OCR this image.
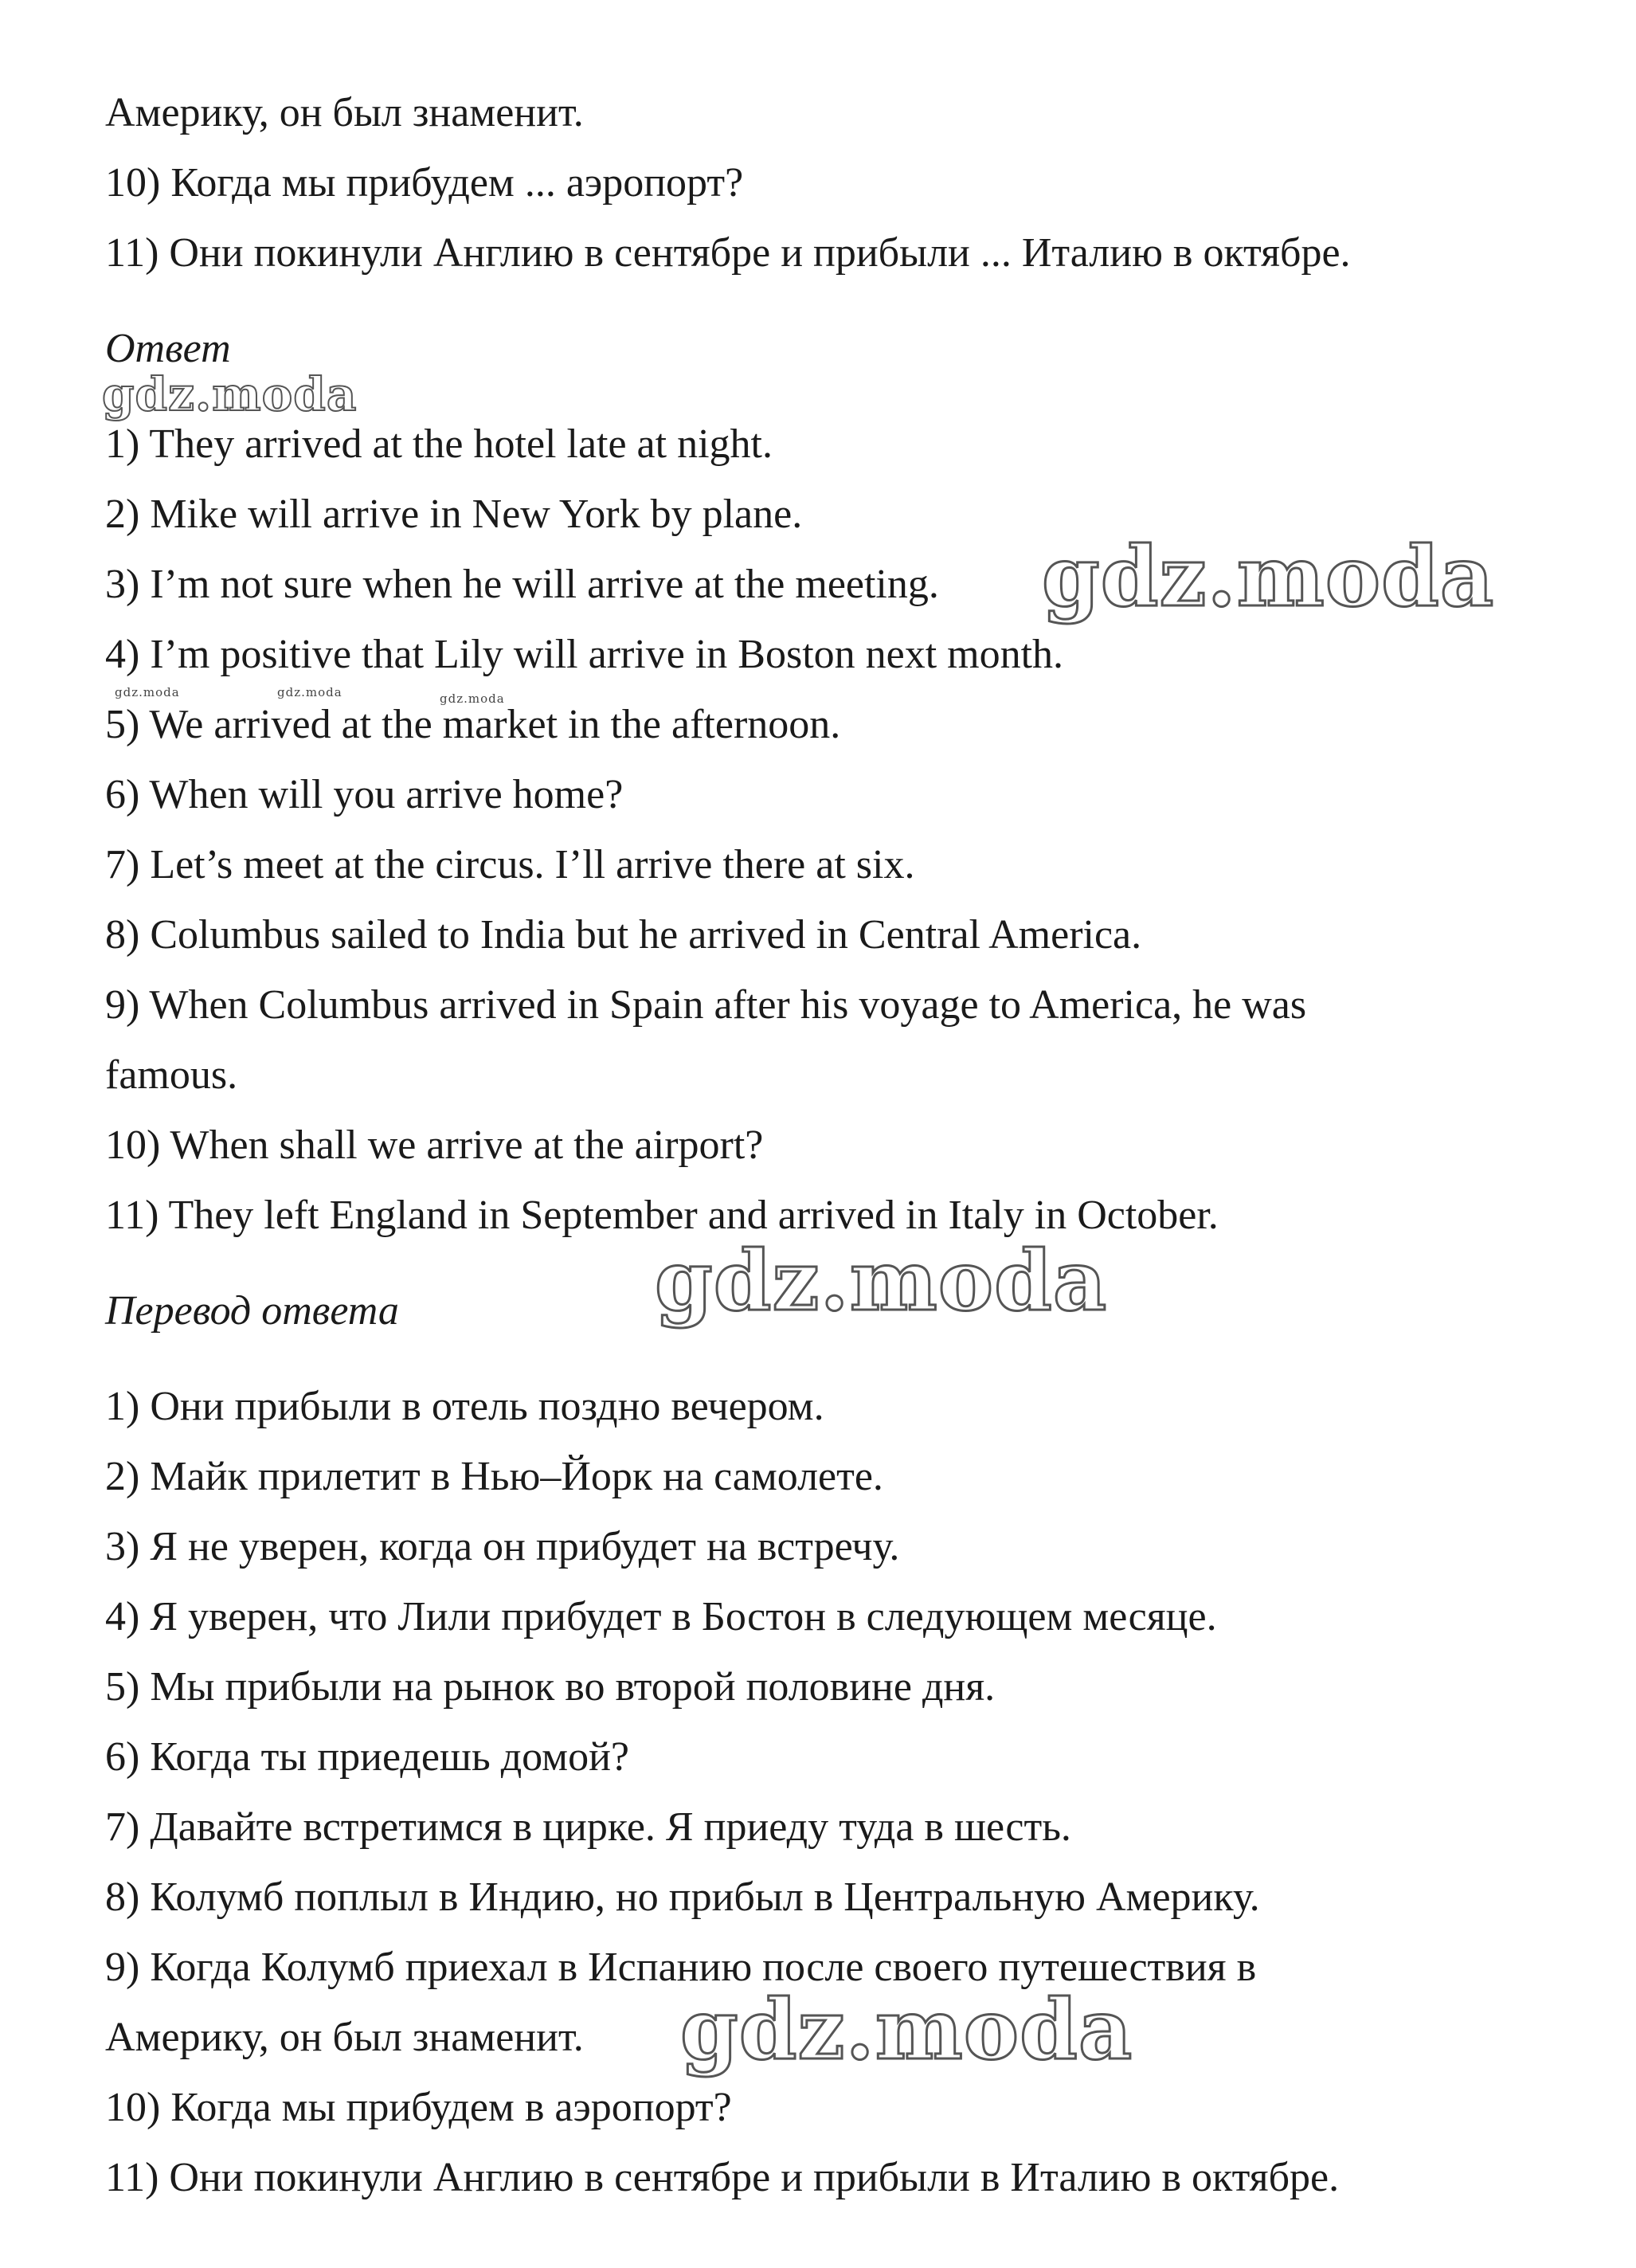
Америку, он был знаменит.

10) Когда мы прибудем ... аэропорт?

11) Они покинули Англию в сентябре и прибыли ... Италию в октябре.

Ответ

gdz.moda

1) They arrived at the hotel late at night.

2) Mike will arrive in New York by plane.

3) I’m not sure when he will arrive at the meeting. gdz.moda

4) I’m positive that Lily will arrive in Boston next month.

gdz.moda	gdz.moda	gdz.moda

5) We arrived at the market in the afternoon.

6) When will you arrive home?

7) Let’s meet at the circus. I’ll arrive there at six.

8) Columbus sailed to India but he arrived in Central America.

9) When Columbus arrived in Spain after his voyage to America, he was

famous.

10) When shall we arrive at the airport?

11) They left England in September and arrived in Italy in October.

Перевод ответа	gdz.moda

1) Они прибыли в отель поздно вечером.

2) Майк прилетит в Нью–Йорк на самолете.

3) Я не уверен, когда он прибудет на встречу.

4) Я уверен, что Лили прибудет в Бостон в следующем месяце.

5) Мы прибыли на рынок во второй половине дня.

6) Когда ты приедешь домой?

7) Давайте встретимся в цирке. Я приеду туда в шесть.

8) Колумб поплыл в Индию, но прибыл в Центральную Америку.

9) Когда Колумб приехал в Испанию после своего путешествия в

Америку, он был знаменит. gdz.moda

10) Когда мы прибудем в аэропорт?

11) Они покинули Англию в сентябре и прибыли в Италию в октябре.
